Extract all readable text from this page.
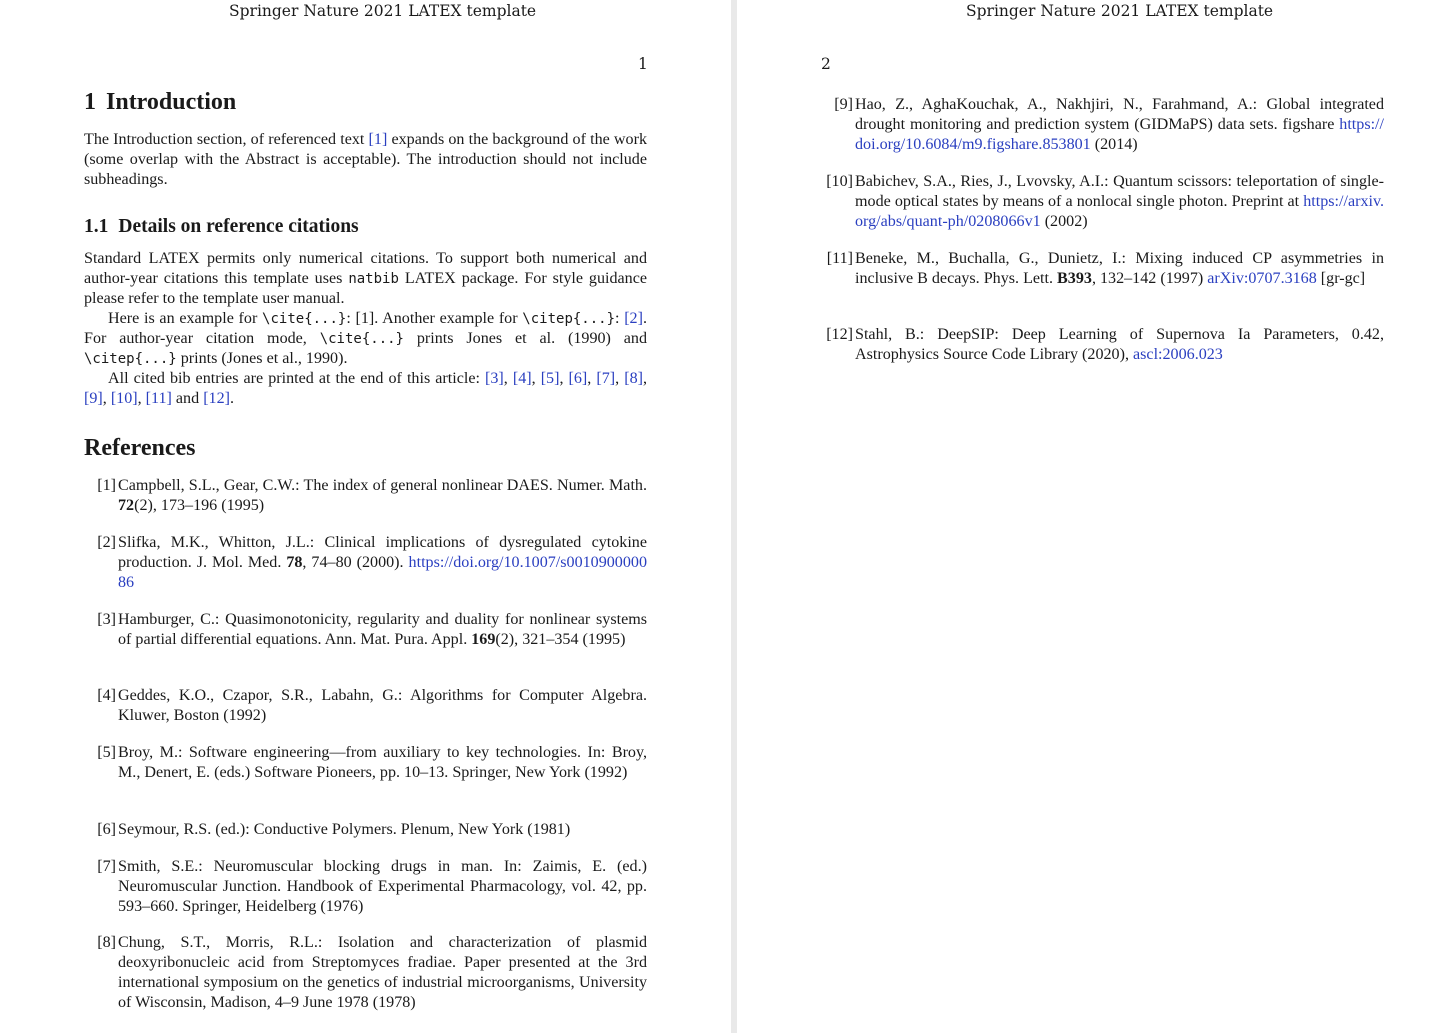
Springer Nature 2021 LATEX template
1
1 Introduction

The Introduction section, of referenced text [1] expands on the background of the work (some overlap with the Abstract is acceptable). The introduction should not include subheadings.

1.1 Details on reference citations

Standard LATEX permits only numerical citations. To support both numerical and author-year citations this template uses natbib LATEX package. For style guidance please refer to the template user manual.

Here is an example for \cite{...}: [1]. Another example for \citep{...}: [2]. For author-year citation mode, \cite{...} prints Jones et al. (1990) and \citep{...} prints (Jones et al., 1990).

All cited bib entries are printed at the end of this article: [3], [4], [5], [6], [7], [8], [9], [10], [11] and [12].

References
[1] Campbell, S.L., Gear, C.W.: The index of general nonlinear DAES. Numer. Math. 72(2), 173–196 (1995)
[2] Slifka, M.K., Whitton, J.L.: Clinical implications of dysregulated cytokine production. J. Mol. Med. 78, 74–80 (2000). https://doi.org/10.1007/s001090000086
[3] Hamburger, C.: Quasimonotonicity, regularity and duality for nonlinear systems of partial differential equations. Ann. Mat. Pura. Appl. 169(2), 321–354 (1995)
[4] Geddes, K.O., Czapor, S.R., Labahn, G.: Algorithms for Computer Algebra. Kluwer, Boston (1992)
[5] Broy, M.: Software engineering—from auxiliary to key technologies. In: Broy, M., Denert, E. (eds.) Software Pioneers, pp. 10–13. Springer, New York (1992)
[6] Seymour, R.S. (ed.): Conductive Polymers. Plenum, New York (1981)
[7] Smith, S.E.: Neuromuscular blocking drugs in man. In: Zaimis, E. (ed.) Neuromuscular Junction. Handbook of Experimental Pharmacology, vol. 42, pp. 593–660. Springer, Heidelberg (1976)
[8] Chung, S.T., Morris, R.L.: Isolation and characterization of plasmid deoxyribonucleic acid from Streptomyces fradiae. Paper presented at the 3rd international symposium on the genetics of industrial microorganisms, University of Wisconsin, Madison, 4–9 June 1978 (1978)
Springer Nature 2021 LATEX template
2
[9] Hao, Z., AghaKouchak, A., Nakhjiri, N., Farahmand, A.: Global integrated drought monitoring and prediction system (GIDMaPS) data sets. figshare https://doi.org/10.6084/m9.figshare.853801 (2014)
[10] Babichev, S.A., Ries, J., Lvovsky, A.I.: Quantum scissors: teleportation of single-mode optical states by means of a nonlocal single photon. Preprint at https://arxiv.org/abs/quant-ph/0208066v1 (2002)
[11] Beneke, M., Buchalla, G., Dunietz, I.: Mixing induced CP asymmetries in inclusive B decays. Phys. Lett. B393, 132–142 (1997) arXiv:0707.3168 [gr-gc]
[12] Stahl, B.: DeepSIP: Deep Learning of Supernova Ia Parameters, 0.42, Astrophysics Source Code Library (2020), ascl:2006.023
